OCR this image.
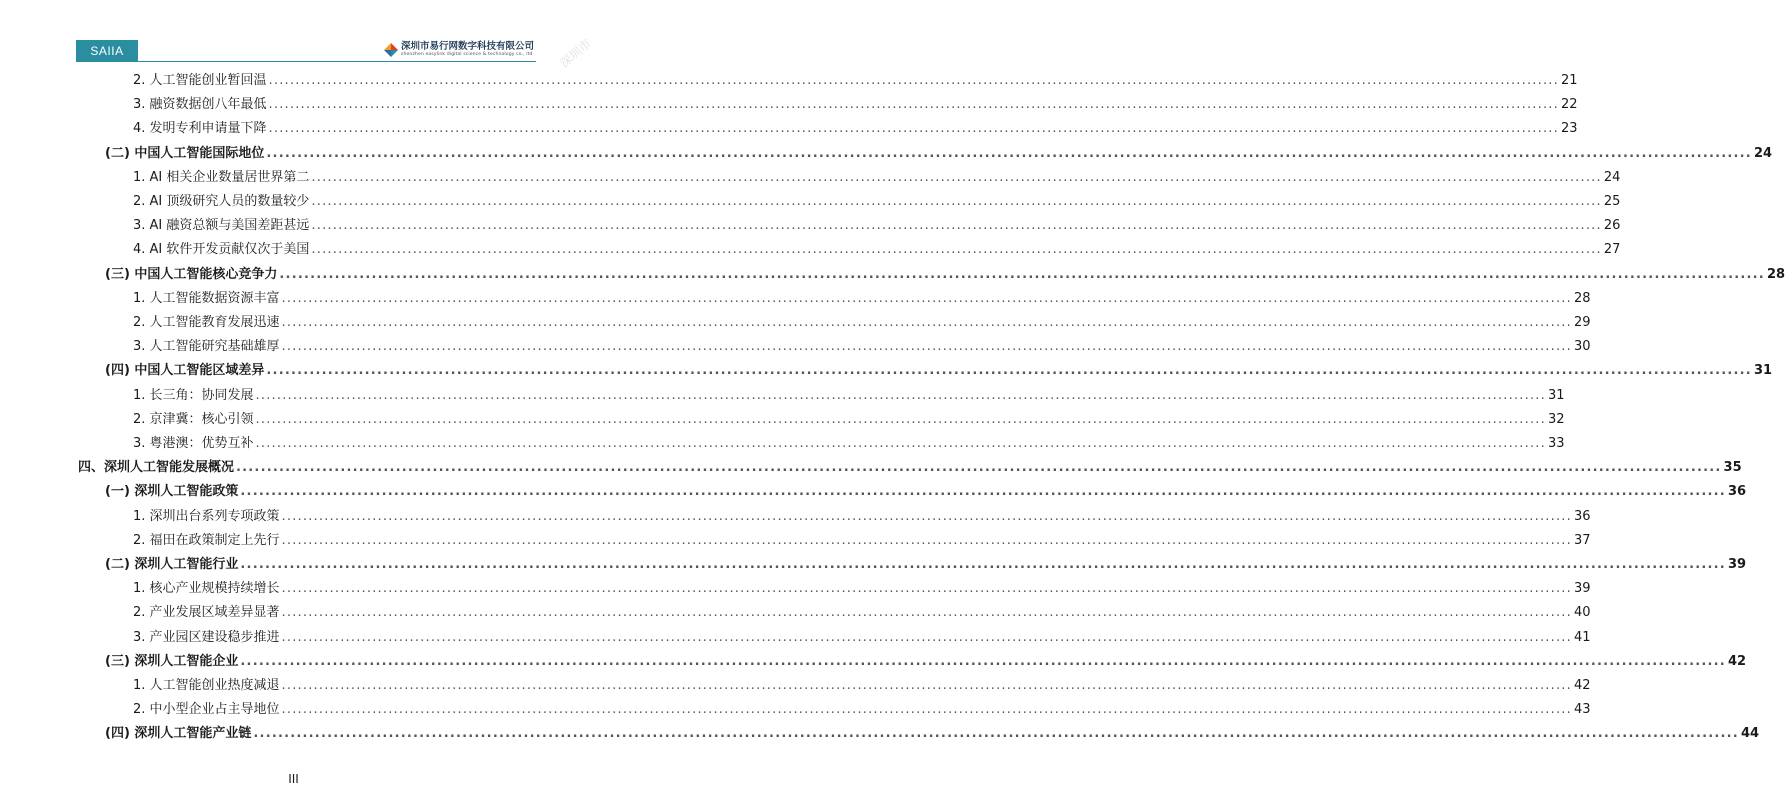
SAIIA	深圳市易行网数字科技有限公司
shenzhen easylink digital science & technology co., ltd 深圳市
2. 人工智能创业暂回温 .....	21
3. 融资数据创八年最低 .....	22
4. 发明专利申请量下降 .....	23
(二) 中国人工智能国际地位 .....	24
1. AI 相关企业数量居世界第二 .....	24
2. AI 顶级研究人员的数量较少 .....	25
3. AI 融资总额与美国差距甚远 .....	26
4. AI 软件开发贡献仅次于美国 .....	27
(三) 中国人工智能核心竞争力 .....	28
1. 人工智能数据资源丰富 .....	28
2. 人工智能教育发展迅速 .....	29
3. 人工智能研究基础雄厚 .....	30
(四) 中国人工智能区域差异 .....	31
1. 长三角：协同发展 .....	31
2. 京津冀：核心引领 .....	32
3. 粤港澳：优势互补 .....	33
四、深圳人工智能发展概况 .....	35
(一) 深圳人工智能政策 .....	36
1. 深圳出台系列专项政策 .....	36
2. 福田在政策制定上先行 .....	37
(二) 深圳人工智能行业 .....	39
1. 核心产业规模持续增长 .....	39
2. 产业发展区域差异显著 .....	40
3. 产业园区建设稳步推进 .....	41
(三) 深圳人工智能企业 .....	42
1. 人工智能创业热度减退 .....	42
2. 中小型企业占主导地位 .....	43
(四) 深圳人工智能产业链 .....	44
III
